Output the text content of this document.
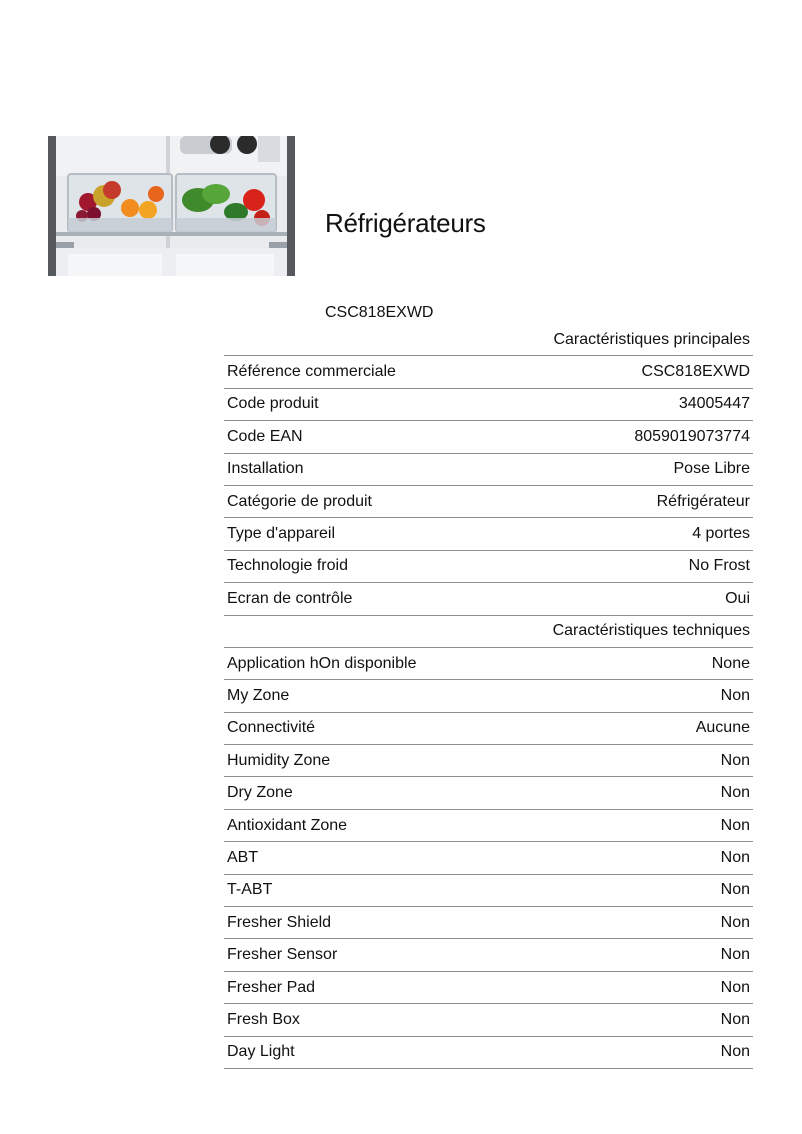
Réfrigérateurs
CSC818EXWD
Caractéristiques principales	
Référence commerciale	CSC818EXWD
Code produit	34005447
Code EAN	8059019073774
Installation	Pose Libre
Catégorie de produit	Réfrigérateur
Type d'appareil	4 portes
Technologie froid	No Frost
Ecran de contrôle	Oui
Caractéristiques techniques	
Application hOn disponible	None
My Zone	Non
Connectivité	Aucune
Humidity Zone	Non
Dry Zone	Non
Antioxidant Zone	Non
ABT	Non
T-ABT	Non
Fresher Shield	Non
Fresher Sensor	Non
Fresher Pad	Non
Fresh Box	Non
Day Light	Non
